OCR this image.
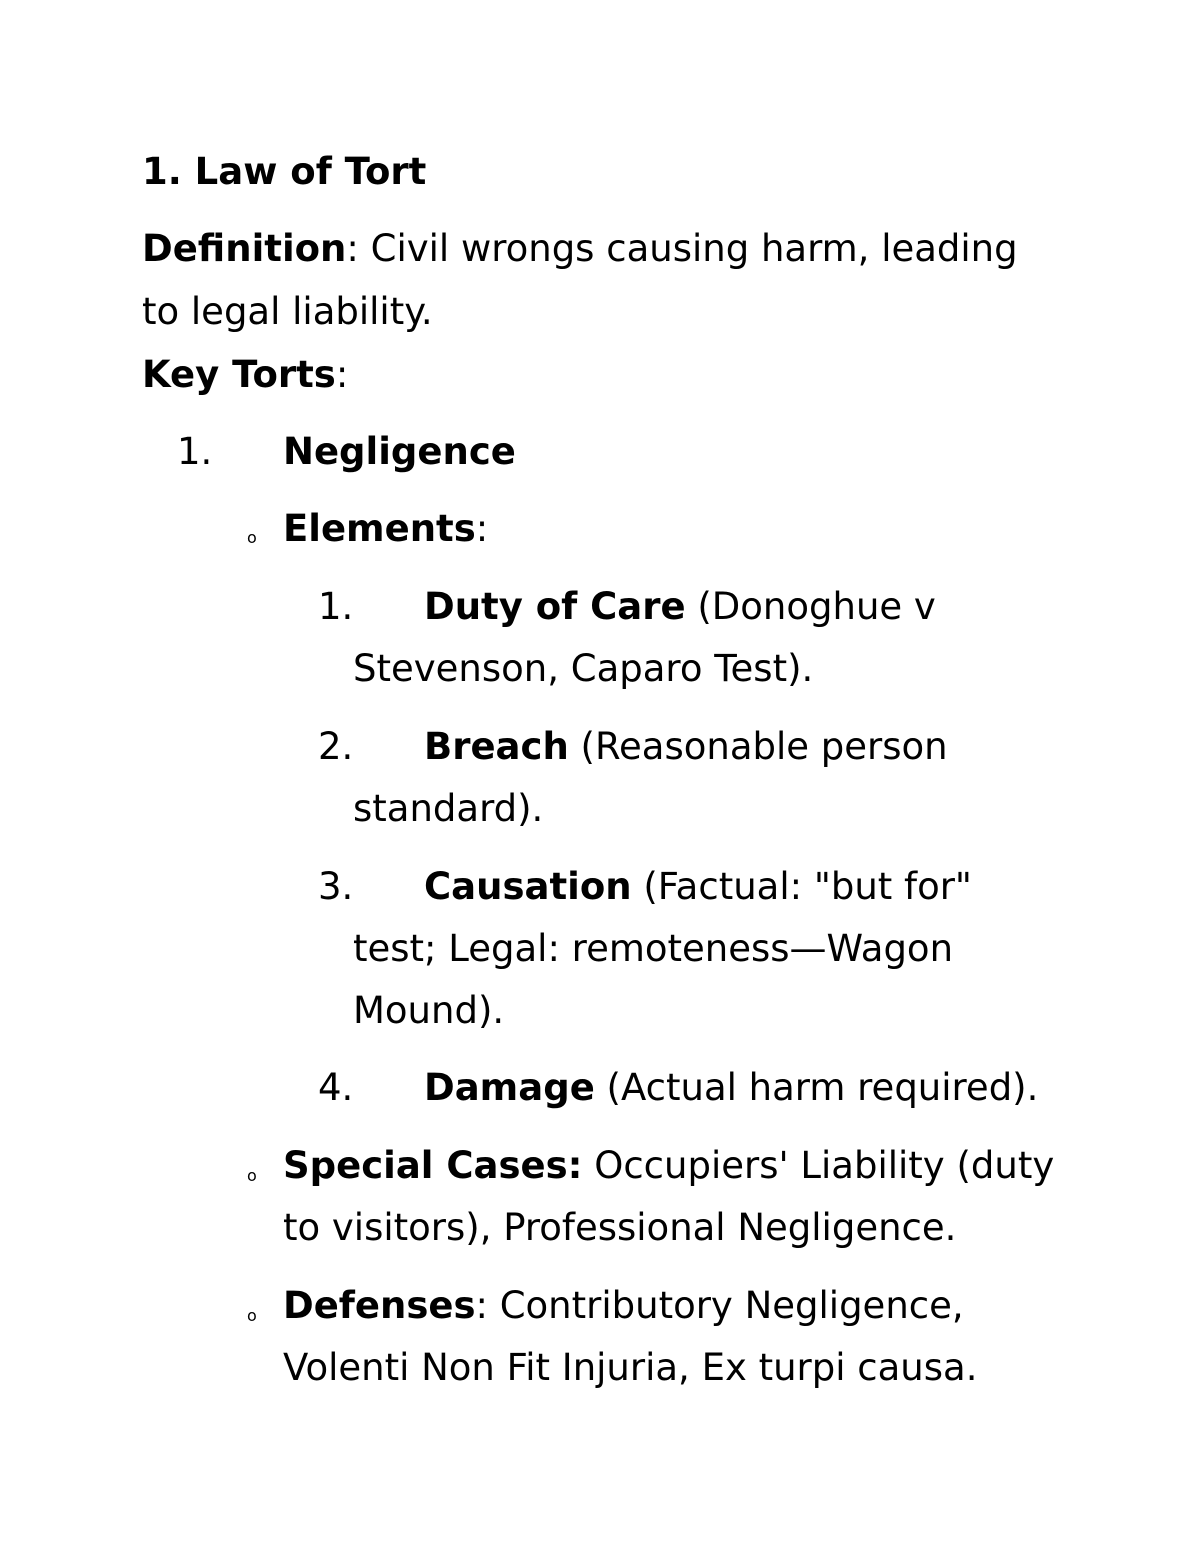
1. Law of Tort
Definition: Civil wrongs causing harm, leading
to legal liability.
Key Torts:
1. Negligence
o Elements:
1. Duty of Care (Donoghue v
Stevenson, Caparo Test).
2. Breach (Reasonable person
standard).
3. Causation (Factual: "but for"
test; Legal: remoteness—Wagon
Mound).
4. Damage (Actual harm required).
o Special Cases: Occupiers' Liability (duty
to visitors), Professional Negligence.
o Defenses: Contributory Negligence,
Volenti Non Fit Injuria, Ex turpi causa.
